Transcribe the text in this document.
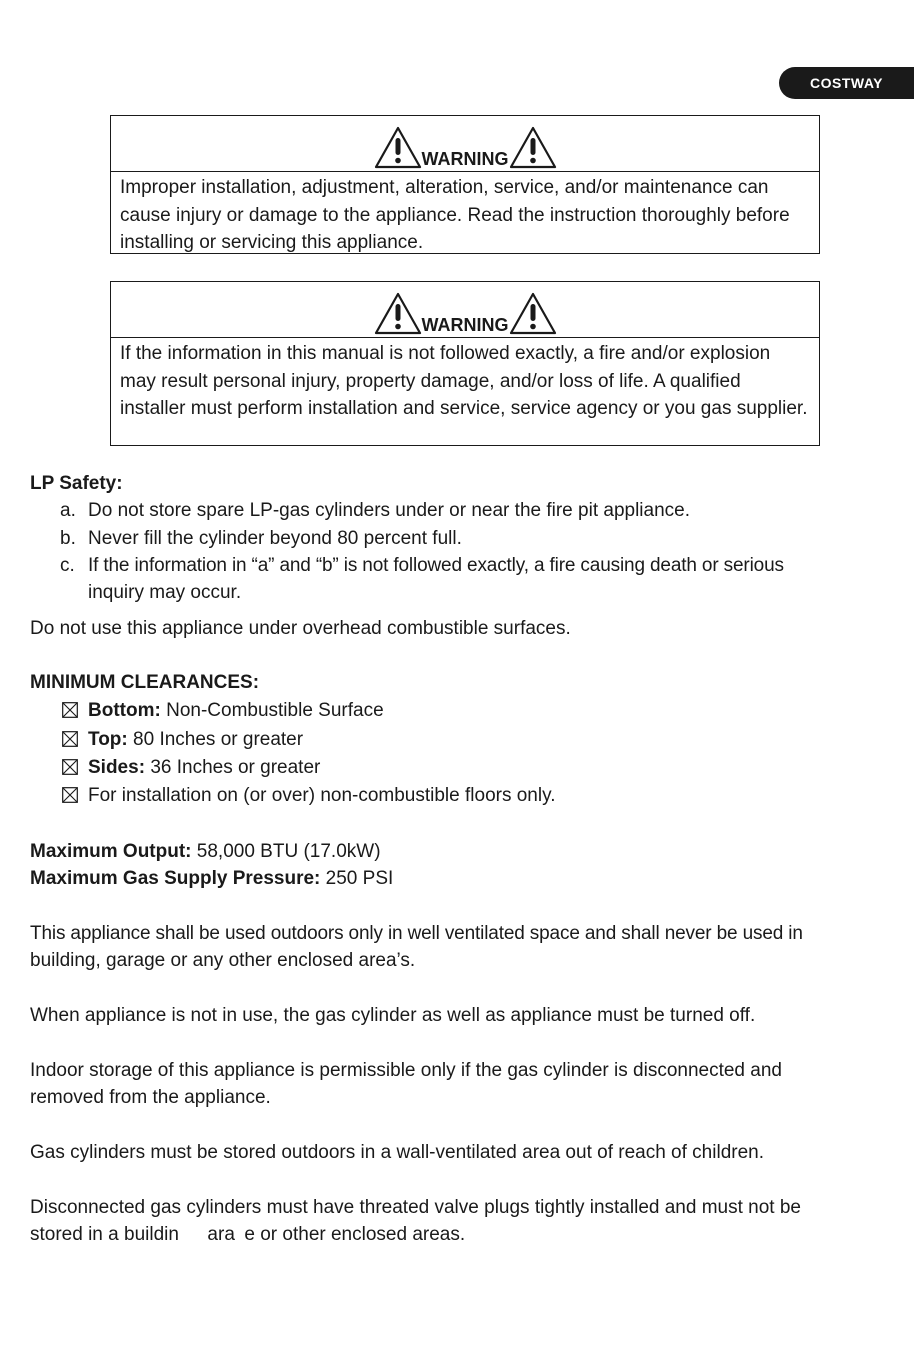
COSTWAY
WARNING
Improper installation, adjustment, alteration, service, and/or maintenance can cause injury or damage to the appliance. Read the instruction thoroughly before installing or servicing this appliance.
WARNING
If the information in this manual is not followed exactly, a fire and/or explosion may result personal injury, property damage, and/or loss of life. A qualified installer must perform installation and service, service agency or you gas supplier.
LP Safety:
a. Do not store spare LP-gas cylinders under or near the fire pit appliance.
b. Never fill the cylinder beyond 80 percent full.
c. If the information in “a” and “b” is not followed exactly, a fire causing death or serious
inquiry may occur.
Do not use this appliance under overhead combustible surfaces.
MINIMUM CLEARANCES:
Bottom: Non-Combustible Surface
Top: 80 Inches or greater
Sides: 36 Inches or greater
For installation on (or over) non-combustible floors only.
Maximum Output: 58,000 BTU (17.0kW)
Maximum Gas Supply Pressure: 250 PSI
This appliance shall be used outdoors only in well ventilated space and shall never be used in
building, garage or any other enclosed area’s.
When appliance is not in use, the gas cylinder as well as appliance must be turned off.
Indoor storage of this appliance is permissible only if the gas cylinder is disconnected and
removed from the appliance.
Gas cylinders must be stored outdoors in a wall-ventilated area out of reach of children.
Disconnected gas cylinders must have threated valve plugs tightly installed and must not be
stored in a buildin  ara e or other enclosed areas.
